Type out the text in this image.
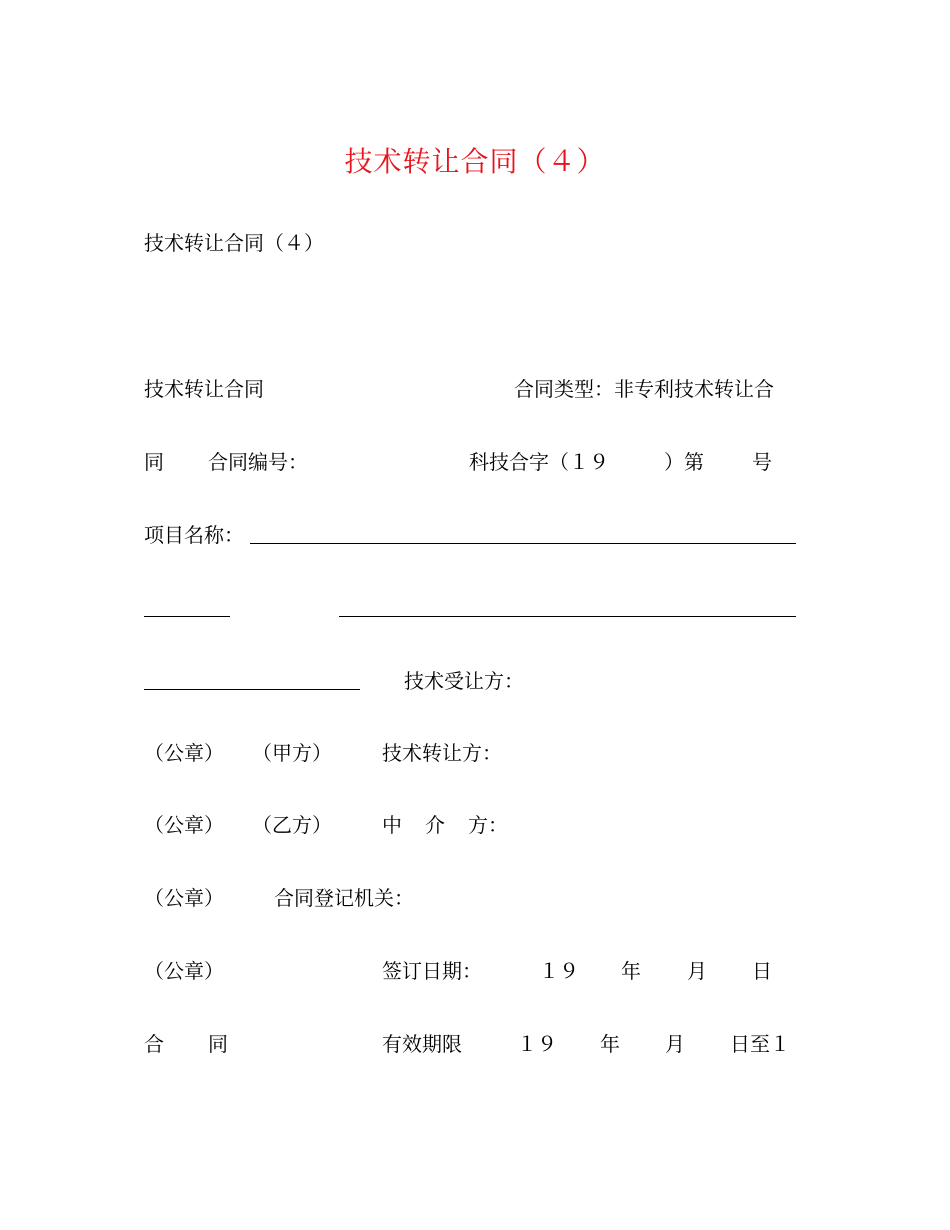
技术转让合同（４）
技术转让合同（４）
技术转让合同	合同类型：非专利技术转让合
同 合同编号：	科技合字（１９	）第 号
项目名称：
技术受让方：
（公章） （甲方）	技术转让方：
（公章） （乙方）	中 介 方：
（公章）	合同登记机关：
（公章）	签订日期：	１９ 年 月 日
合 同	有效期限	１９ 年 月 日至１
